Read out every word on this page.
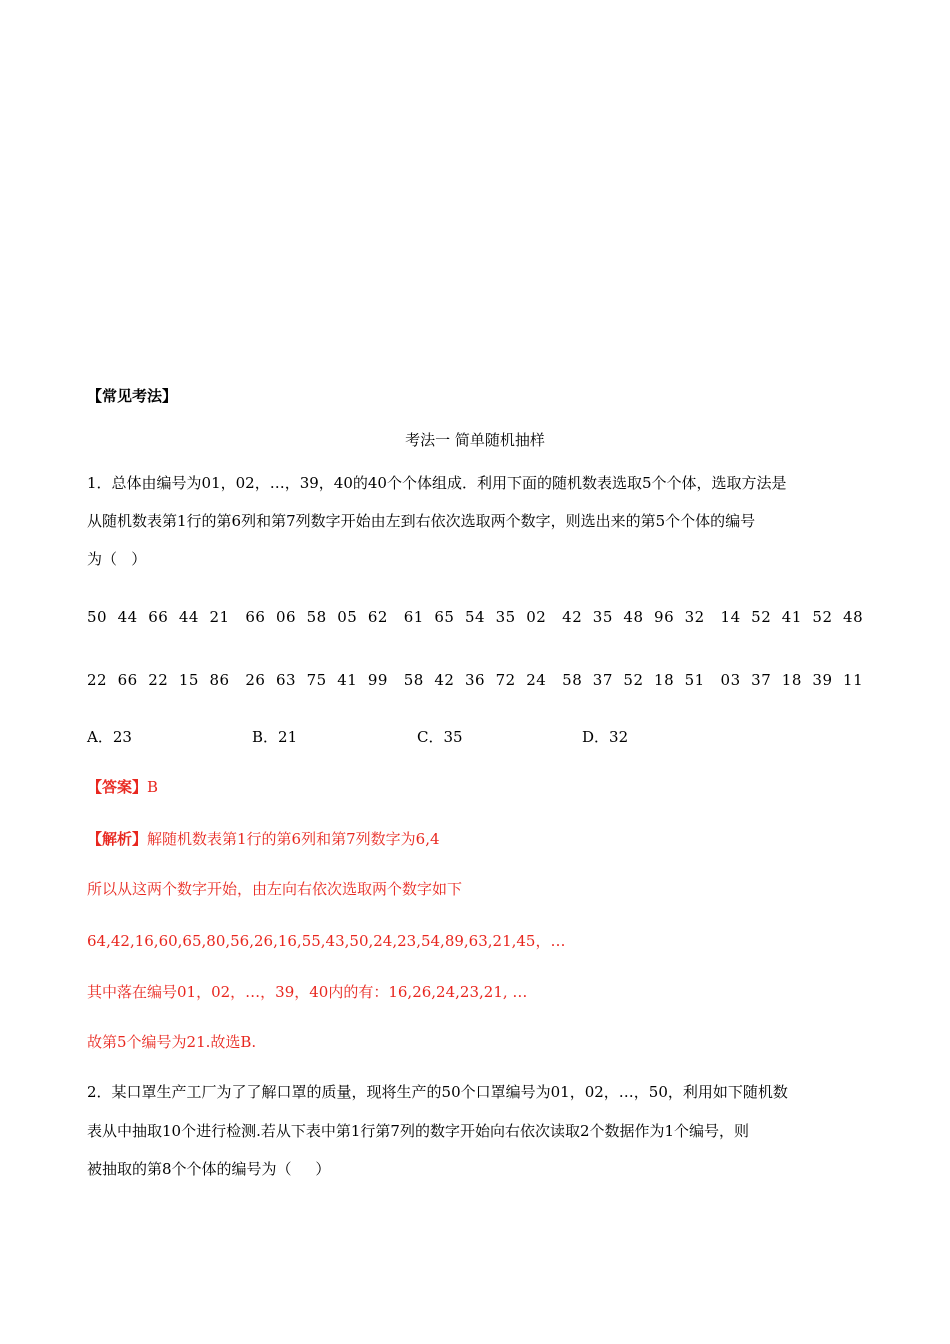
【常见考法】
考法一 简单随机抽样
1．总体由编号为01，02，…，39，40的40个个体组成．利用下面的随机数表选取5个个体，选取方法是
从随机数表第1行的第6列和第7列数字开始由左到右依次选取两个数字，则选出来的第5个个体的编号
为（   ）
50  44  66  44  21   66  06  58  05  62   61  65  54  35  02   42  35  48  96  32   14  52  41  52  48
22  66  22  15  86   26  63  75  41  99   58  42  36  72  24   58  37  52  18  51   03  37  18  39  11
A．23	B．21	C．35	D．32
【答案】B
【解析】解随机数表第1行的第6列和第7列数字为6,4
所以从这两个数字开始，由左向右依次选取两个数字如下
64,42,16,60,65,80,56,26,16,55,43,50,24,23,54,89,63,21,45，…
其中落在编号01，02，…，39，40内的有：16,26,24,23,21, …
故第5个编号为21.故选B.
2．某口罩生产工厂为了了解口罩的质量，现将生产的50个口罩编号为01，02，…，50，利用如下随机数
表从中抽取10个进行检测.若从下表中第1行第7列的数字开始向右依次读取2个数据作为1个编号，则
被抽取的第8个个体的编号为（     ）
